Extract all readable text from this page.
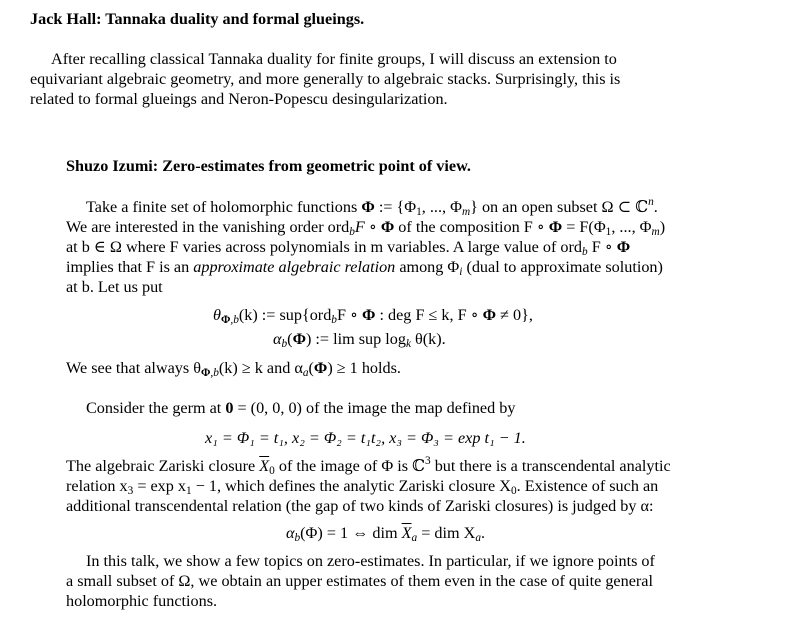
Jack Hall: Tannaka duality and formal glueings.
After recalling classical Tannaka duality for finite groups, I will discuss an extension to
equivariant algebraic geometry, and more generally to algebraic stacks. Surprisingly, this is
related to formal glueings and Neron-Popescu desingularization.
Shuzo Izumi: Zero-estimates from geometric point of view.
Take a finite set of holomorphic functions Φ := {$\Phi_1$, ..., $\Phi_m$} on an open subset Ω ⊂ ℂ$^n$.
We are interested in the vanishing order ord$_b$F ∘ Φ of the composition F ∘ $\Phi = F(\Phi_1$, ..., $\Phi_m$)
at b ∈ Ω where F varies across polynomials in m variables. A large value of ord$_b$ F ∘ Φ
implies that F is an approximate algebraic relation among $\Phi_i$ (dual to approximate solution)
at b. Let us put
$\theta_{\Phi,b}(k)$ := sup{ord$_b$F ∘ Φ : deg F ≤ k, F ∘ Φ ≠ 0},
$\alpha_b(\Phi)$ := lim sup $\log_k \theta(k)$.
We see that always $\theta_{\Phi,b}(k) \ge k$ and $\alpha_a(\Phi) \ge 1$ holds.
Consider the germ at 0 = (0, 0, 0) of the image the map defined by
x₁ = Φ₁ = t₁, x₂ = Φ₂ = t₁t₂, x₃ = Φ₃ = exp t₁ − 1.
The algebraic Zariski closure $\overline{X}_0$ of the image of Φ is ℂ$^3$ but there is a transcendental analytic
relation $x_3 = \exp x_1 - 1$, which defines the analytic Zariski closure $X_0$. Existence of such an
additional transcendental relation (the gap of two kinds of Zariski closures) is judged by α:
$\alpha_b(\Phi) = 1$ ⇔ dim $\overline{X}_a$ = dim $X_a$.
In this talk, we show a few topics on zero-estimates. In particular, if we ignore points of
a small subset of Ω, we obtain an upper estimates of them even in the case of quite general
holomorphic functions.
